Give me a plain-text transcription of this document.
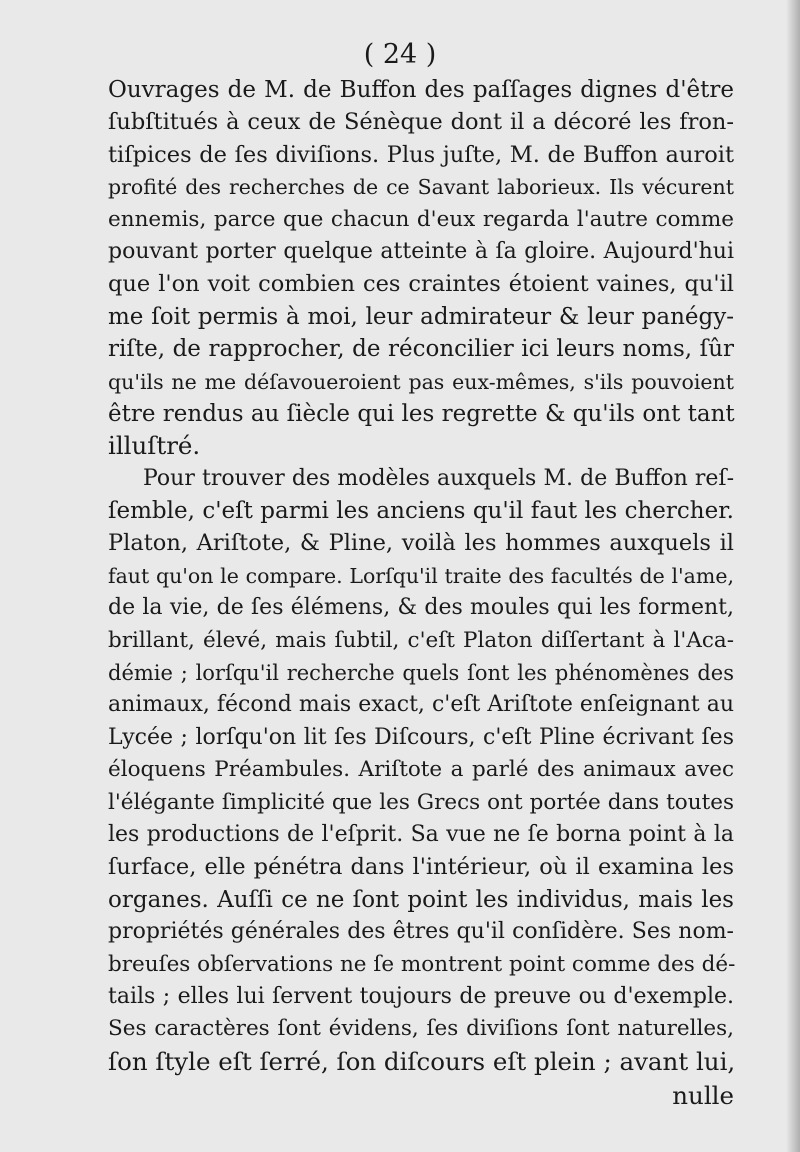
( 24 )
Ouvrages de M. de Buffon des paſſages dignes d'être
ſubſtitués à ceux de Sénèque dont il a décoré les fron-
tiſpices de ſes diviſions. Plus juſte, M. de Buffon auroit
profité des recherches de ce Savant laborieux. Ils vécurent
ennemis, parce que chacun d'eux regarda l'autre comme
pouvant porter quelque atteinte à ſa gloire. Aujourd'hui
que l'on voit combien ces craintes étoient vaines, qu'il
me ſoit permis à moi, leur admirateur & leur panégy-
riſte, de rapprocher, de réconcilier ici leurs noms, ſûr
qu'ils ne me déſavoueroient pas eux-mêmes, s'ils pouvoient
être rendus au ſiècle qui les regrette & qu'ils ont tant
illuſtré.
Pour trouver des modèles auxquels M. de Buffon reſ-
ſemble, c'eſt parmi les anciens qu'il faut les chercher.
Platon, Ariſtote, & Pline, voilà les hommes auxquels il
faut qu'on le compare. Lorſqu'il traite des facultés de l'ame,
de la vie, de ſes élémens, & des moules qui les forment,
brillant, élevé, mais ſubtil, c'eſt Platon diſſertant à l'Aca-
démie ; lorſqu'il recherche quels ſont les phénomènes des
animaux, fécond mais exact, c'eſt Ariſtote enſeignant au
Lycée ; lorſqu'on lit ſes Diſcours, c'eſt Pline écrivant ſes
éloquens Préambules. Ariſtote a parlé des animaux avec
l'élégante ſimplicité que les Grecs ont portée dans toutes
les productions de l'eſprit. Sa vue ne ſe borna point à la
ſurface, elle pénétra dans l'intérieur, où il examina les
organes. Auſſi ce ne ſont point les individus, mais les
propriétés générales des êtres qu'il conſidère. Ses nom-
breuſes obſervations ne ſe montrent point comme des dé-
tails ; elles lui ſervent toujours de preuve ou d'exemple.
Ses caractères ſont évidens, ſes diviſions ſont naturelles,
ſon ſtyle eſt ſerré, ſon diſcours eſt plein ; avant lui,
nulle
